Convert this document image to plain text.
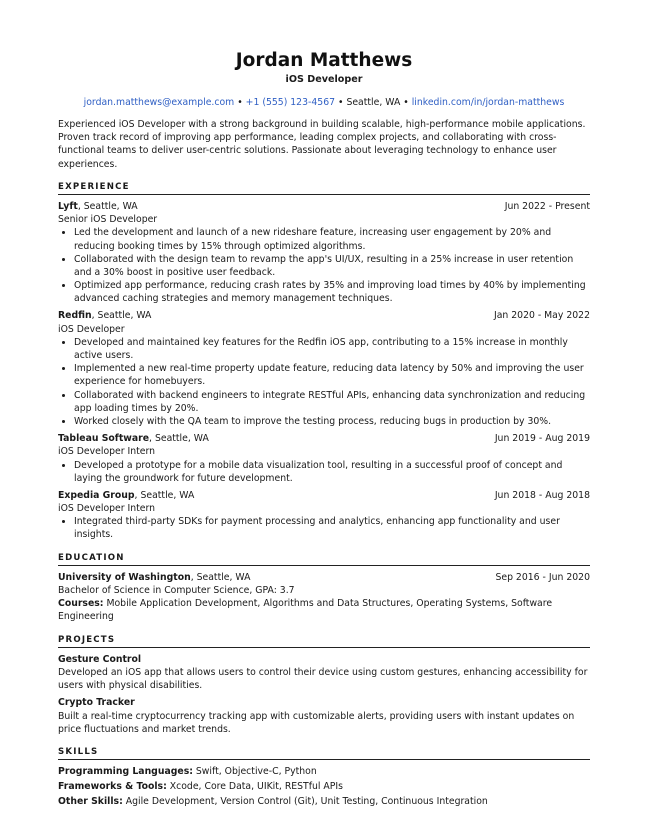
Jordan Matthews
iOS Developer
jordan.matthews@example.com • +1 (555) 123-4567 • Seattle, WA • linkedin.com/in/jordan-matthews
Experienced iOS Developer with a strong background in building scalable, high-performance mobile applications. Proven track record of improving app performance, leading complex projects, and collaborating with cross-functional teams to deliver user-centric solutions. Passionate about leveraging technology to enhance user experiences.
EXPERIENCE
Lyft, Seattle, WA	Jun 2022 - Present
Senior iOS Developer
• Led the development and launch of a new rideshare feature, increasing user engagement by 20% and reducing booking times by 15% through optimized algorithms.
• Collaborated with the design team to revamp the app's UI/UX, resulting in a 25% increase in user retention and a 30% boost in positive user feedback.
• Optimized app performance, reducing crash rates by 35% and improving load times by 40% by implementing advanced caching strategies and memory management techniques.
Redfin, Seattle, WA	Jan 2020 - May 2022
iOS Developer
• Developed and maintained key features for the Redfin iOS app, contributing to a 15% increase in monthly active users.
• Implemented a new real-time property update feature, reducing data latency by 50% and improving the user experience for homebuyers.
• Collaborated with backend engineers to integrate RESTful APIs, enhancing data synchronization and reducing app loading times by 20%.
• Worked closely with the QA team to improve the testing process, reducing bugs in production by 30%.
Tableau Software, Seattle, WA	Jun 2019 - Aug 2019
iOS Developer Intern
• Developed a prototype for a mobile data visualization tool, resulting in a successful proof of concept and laying the groundwork for future development.
Expedia Group, Seattle, WA	Jun 2018 - Aug 2018
iOS Developer Intern
• Integrated third-party SDKs for payment processing and analytics, enhancing app functionality and user insights.
EDUCATION
University of Washington, Seattle, WA	Sep 2016 - Jun 2020
Bachelor of Science in Computer Science, GPA: 3.7
Courses: Mobile Application Development, Algorithms and Data Structures, Operating Systems, Software Engineering
PROJECTS
Gesture Control
Developed an iOS app that allows users to control their device using custom gestures, enhancing accessibility for users with physical disabilities.
Crypto Tracker
Built a real-time cryptocurrency tracking app with customizable alerts, providing users with instant updates on price fluctuations and market trends.
SKILLS
Programming Languages: Swift, Objective-C, Python
Frameworks & Tools: Xcode, Core Data, UIKit, RESTful APIs
Other Skills: Agile Development, Version Control (Git), Unit Testing, Continuous Integration
